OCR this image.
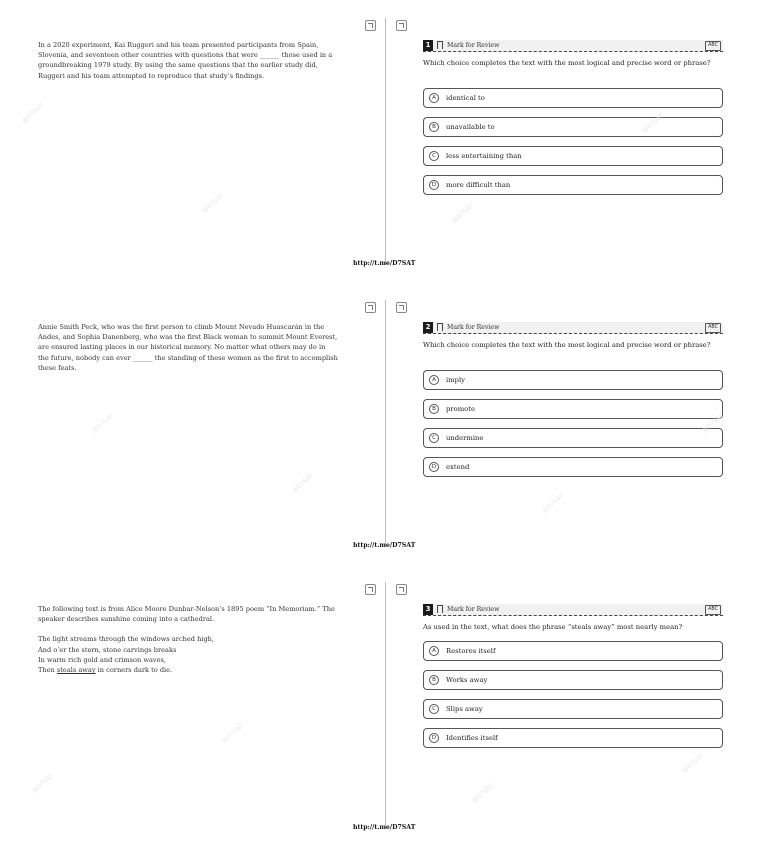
In a 2020 experiment, Kai Ruggeri and his team presented participants from Spain, Slovenia, and seventeen other countries with questions that were ______ those used in a groundbreaking 1979 study. By using the same questions that the earlier study did, Ruggeri and his team attempted to reproduce that study’s findings.

1	Mark for Review	ABC
Which choice completes the text with the most logical and precise word or phrase?
A	identical to
B	unavailable to
C	less entertaining than
D	more difficult than
http://t.me/D7SAT

Annie Smith Peck, who was the first person to climb Mount Nevado Huascarán in the Andes, and Sophia Danenberg, who was the first Black woman to summit Mount Everest, are ensured lasting places in our historical memory. No matter what others may do in the future, nobody can ever ______ the standing of these women as the first to accomplish these feats.

2	Mark for Review	ABC
Which choice completes the text with the most logical and precise word or phrase?
A	imply
B	promote
C	undermine
D	extend
http://t.me/D7SAT

The following text is from Alice Moore Dunbar-Nelson’s 1895 poem “In Memoriam.” The speaker describes sunshine coming into a cathedral.

The light streams through the windows arched high,

And o’er the stern, stone carvings breaks

In warm rich gold and crimson waves,

Then steals away in corners dark to die.

3	Mark for Review	ABC
As used in the text, what does the phrase “steals away” most nearly mean?
A	Restores itself
B	Works away
C	Slips away
D	Identifies itself
http://t.me/D7SAT
@D7SAT
@D7SAT	@D7SAT
@D7SAT
@D7SAT
@D7SAT
@D7SAT
@D7SAT
@D7SAT
@D7SAT
@D7SAT
@D7SAT
